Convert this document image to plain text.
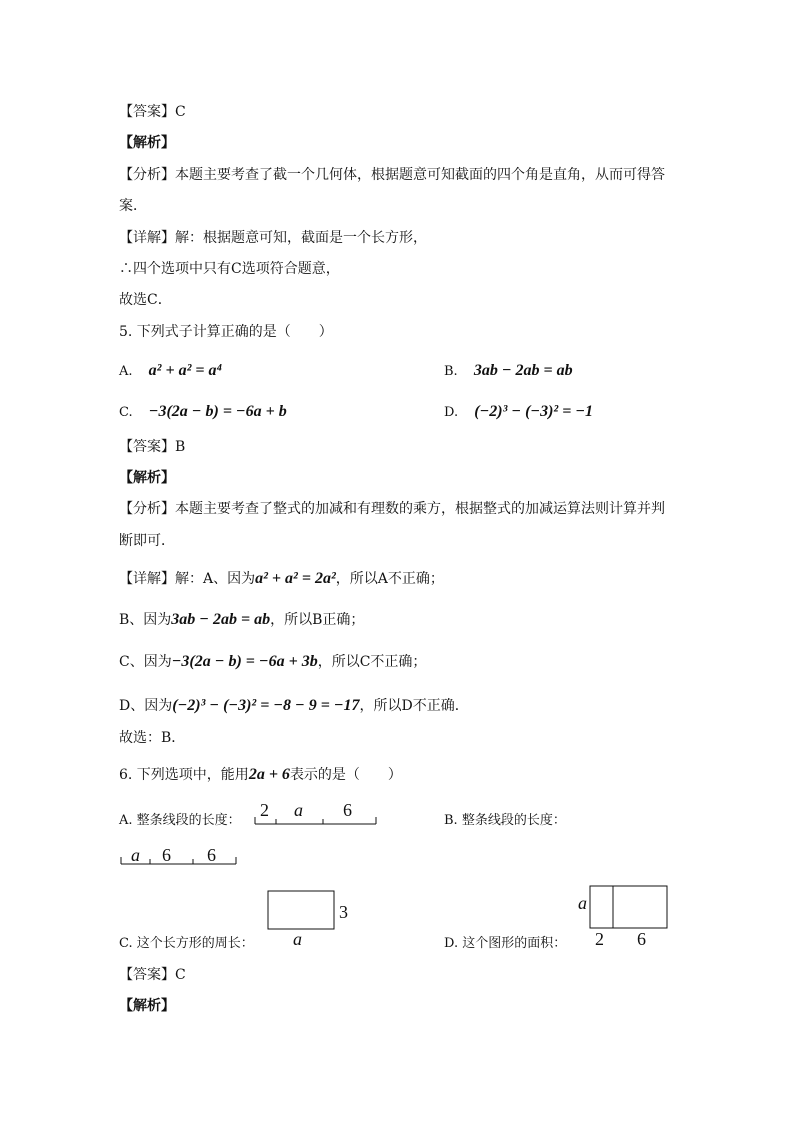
【答案】C
【解析】
【分析】本题主要考查了截一个几何体，根据题意可知截面的四个角是直角，从而可得答
案．
【详解】解：根据题意可知，截面是一个长方形，
∴四个选项中只有C选项符合题意，
故选C．
5. 下列式子计算正确的是（　　）
A. a² + a² = a⁴	B. 3ab − 2ab = ab
C. −3(2a − b) = −6a + b	D. (−2)³ − (−3)² = −1
【答案】B
【解析】
【分析】本题主要考查了整式的加减和有理数的乘方，根据整式的加减运算法则计算并判
断即可．
【详解】解：A、因为a² + a² = 2a²，所以A不正确；
B、因为3ab − 2ab = ab，所以B正确；
C、因为−3(2a − b) = −6a + 3b，所以C不正确；
D、因为(−2)³ − (−3)² = −8 − 9 = −17，所以D不正确．
故选：B．
6. 下列选项中，能用2a + 6表示的是（　　）
A. 整条线段的长度：	B. 整条线段的长度：
C. 这个长方形的周长：	D. 这个图形的面积：
2 a 6
a 6 6
3
a
a
2 6
【答案】C
【解析】
